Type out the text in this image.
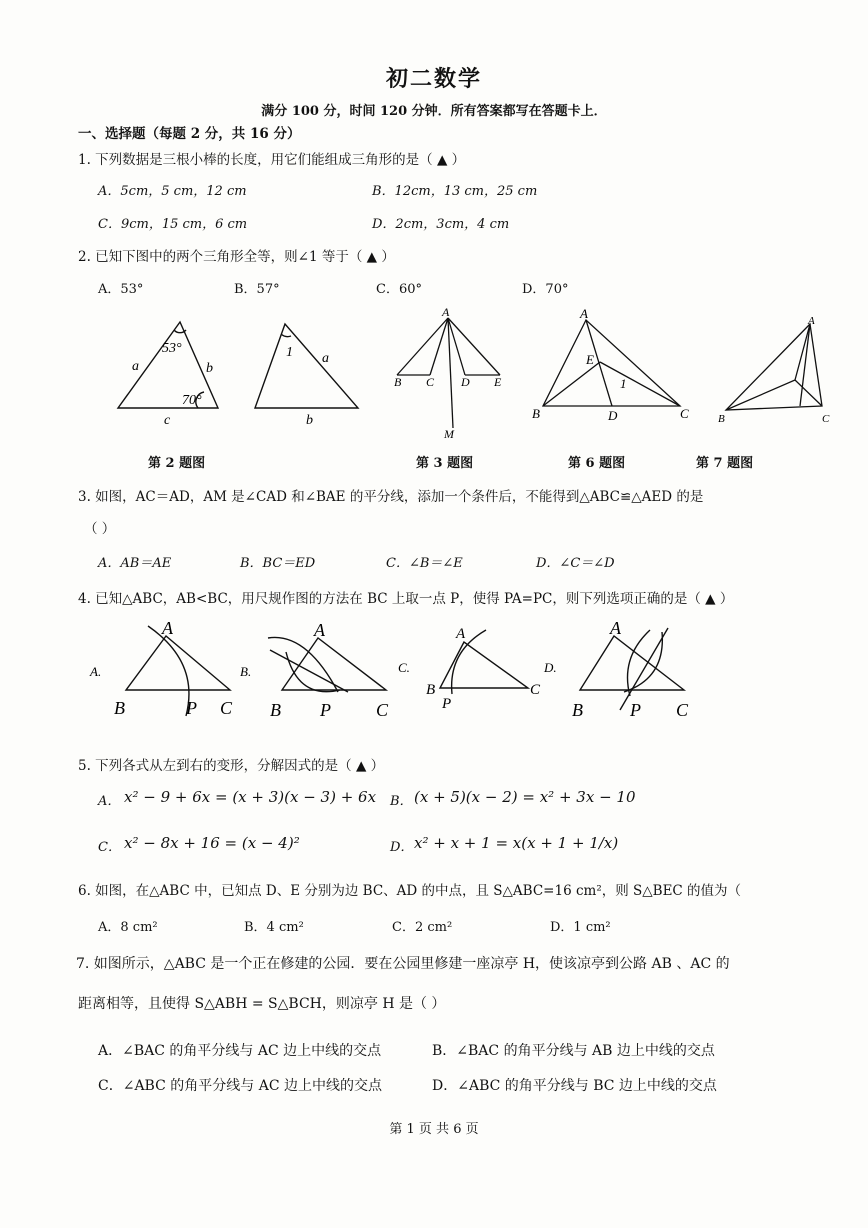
初二数学
满分 100 分，时间 120 分钟．所有答案都写在答题卡上．
一、选择题（每题 2 分，共 16 分）
1. 下列数据是三根小棒的长度，用它们能组成三角形的是（ ▲ ）
A．5cm，5 cm，12 cm	B．12cm，13 cm，25 cm
C．9cm，15 cm，6 cm	D．2cm，3cm，4 cm
2. 已知下图中的两个三角形全等，则∠1 等于（ ▲ ）
A．53°	B．57°	C．60°	D．70°
53°
70°
a	b
c
1 a
b
A
B C D E
M
A
E
1
B	D	C
A
B	C
第 2 题图	第 3 题图	第 6 题图	第 7 题图
3. 如图，AC＝AD，AM 是∠CAD 和∠BAE 的平分线，添加一个条件后，不能得到△ABC≌△AED 的是
（ ）
A．AB＝AE	B．BC＝ED	C．∠B＝∠E	D．∠C＝∠D
4. 已知△ABC，AB<BC，用尺规作图的方法在 BC 上取一点 P，使得 PA=PC，则下列选项正确的是（ ▲ ）
A.
A
B	P C
B.
A
B P	C
C.
A
B
P
C
D.
A
B	P C
5. 下列各式从左到右的变形，分解因式的是（ ▲ ）
A． x² − 9 + 6x = (x + 3)(x − 3) + 6x B． (x + 5)(x − 2) = x² + 3x − 10
C． x² − 8x + 16 = (x − 4)²	D． x² + x + 1 = x(x + 1 + 1/x)
6. 如图，在△ABC 中，已知点 D、E 分别为边 BC、AD 的中点，且 S△ABC=16 cm²，则 S△BEC 的值为（
A．8 cm²	B．4 cm²	C．2 cm²	D．1 cm²
7. 如图所示，△ABC 是一个正在修建的公园．要在公园里修建一座凉亭 H，使该凉亭到公路 AB 、AC 的
距离相等，且使得 S△ABH = S△BCH，则凉亭 H 是（ ）
A．∠BAC 的角平分线与 AC 边上中线的交点	B．∠BAC 的角平分线与 AB 边上中线的交点
C．∠ABC 的角平分线与 AC 边上中线的交点	D．∠ABC 的角平分线与 BC 边上中线的交点
第 1 页 共 6 页
